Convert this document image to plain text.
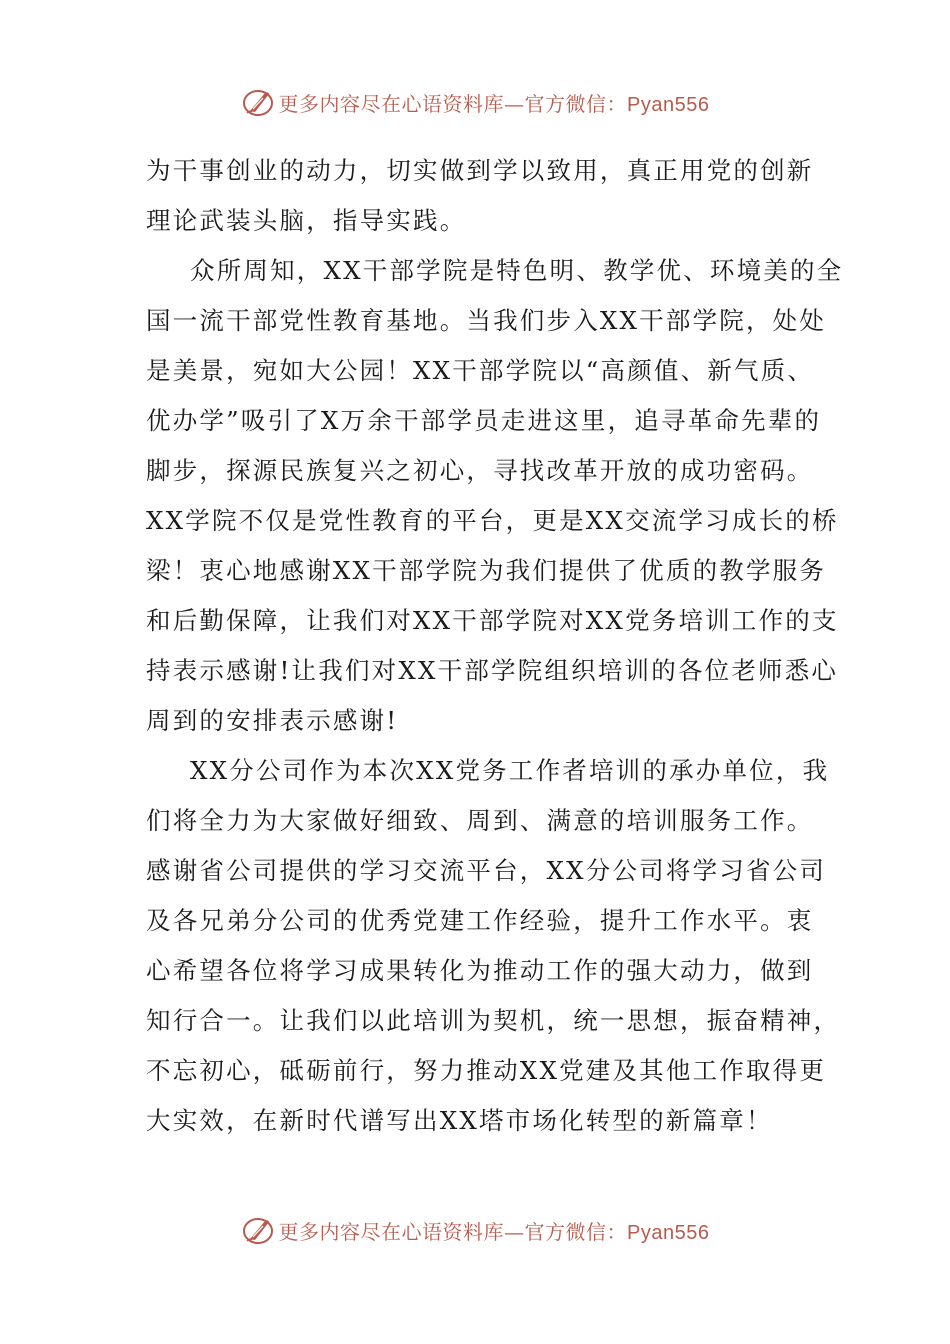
更多内容尽在心语资料库—官方微信：Pyan556
为干事创业的动力，切实做到学以致用，真正用党的创新
理论武装头脑，指导实践。
众所周知，XX干部学院是特色明、教学优、环境美的全
国一流干部党性教育基地。当我们步入XX干部学院，处处
是美景，宛如大公园！XX干部学院以“高颜值、新气质、
优办学”吸引了X万余干部学员走进这里，追寻革命先辈的
脚步，探源民族复兴之初心，寻找改革开放的成功密码。
XX学院不仅是党性教育的平台，更是XX交流学习成长的桥
梁！衷心地感谢XX干部学院为我们提供了优质的教学服务
和后勤保障，让我们对XX干部学院对XX党务培训工作的支
持表示感谢!让我们对XX干部学院组织培训的各位老师悉心
周到的安排表示感谢!
XX分公司作为本次XX党务工作者培训的承办单位，我
们将全力为大家做好细致、周到、满意的培训服务工作。
感谢省公司提供的学习交流平台，XX分公司将学习省公司
及各兄弟分公司的优秀党建工作经验，提升工作水平。衷
心希望各位将学习成果转化为推动工作的强大动力，做到
知行合一。让我们以此培训为契机，统一思想，振奋精神，
不忘初心，砥砺前行，努力推动XX党建及其他工作取得更
大实效，在新时代谱写出XX塔市场化转型的新篇章！
更多内容尽在心语资料库—官方微信：Pyan556
